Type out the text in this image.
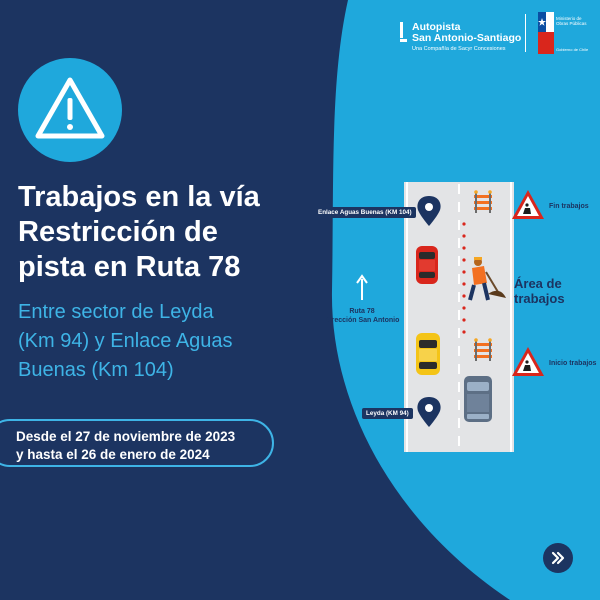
Trabajos en la vía
Restricción de
pista en Ruta 78
Entre sector de Leyda
(Km 94) y Enlace Aguas
Buenas (Km 104)
Desde el 27 de noviembre de 2023
y hasta el 26 de enero de 2024
Autopista
San Antonio-Santiago
Una Compañía de Sacyr Concesiones
Ministerio de Obras Públicas
Gobierno de Chile
Enlace Aguas Buenas (KM 104)
Leyda (KM 94)
Ruta 78
Dirección San Antonio
Área de
trabajos
Fin trabajos
Inicio trabajos
